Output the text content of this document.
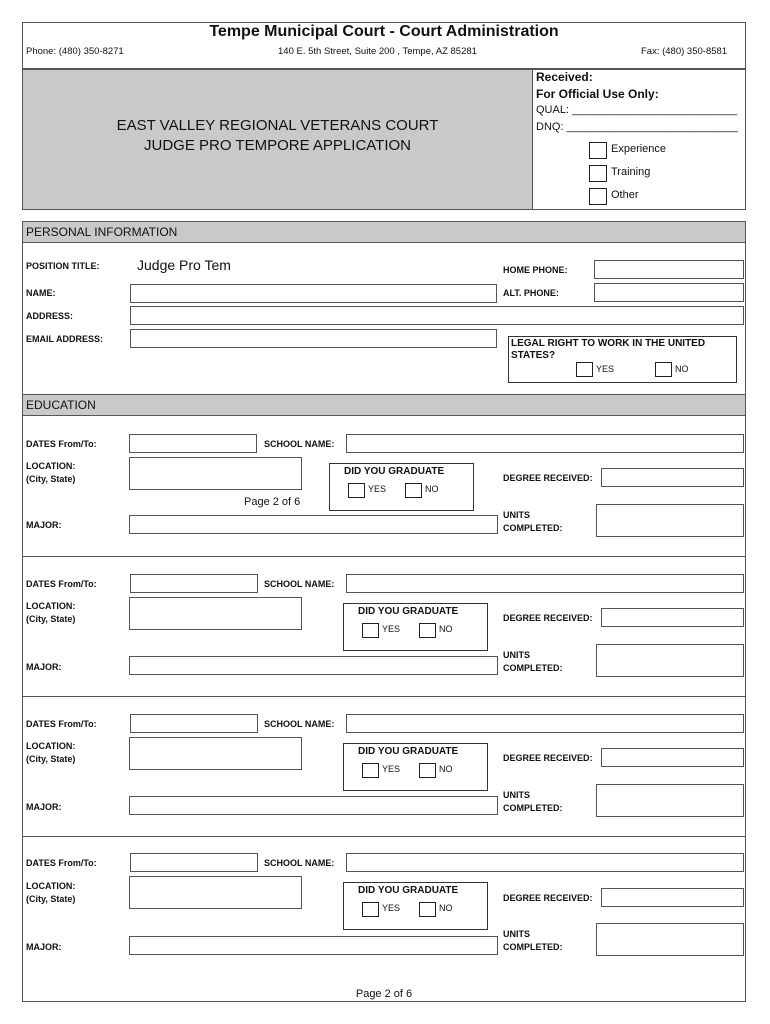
Tempe Municipal Court - Court Administration
Phone: (480) 350-8271	140 E. 5th Street, Suite 200 , Tempe, AZ 85281	Fax: (480) 350-8581
EAST VALLEY REGIONAL VETERANS COURT
JUDGE PRO TEMPORE APPLICATION
Received:
For Official Use Only:
QUAL: ___________________________
DNQ: ____________________________
Experience
Training
Other
PERSONAL INFORMATION
POSITION TITLE:	Judge Pro Tem
NAME:
ADDRESS:
EMAIL ADDRESS:
HOME PHONE:
ALT. PHONE:
LEGAL RIGHT TO WORK IN THE UNITED STATES?
YES	NO
EDUCATION
DATES From/To:	SCHOOL NAME:
LOCATION:
(City, State)
DID YOU GRADUATE
YES	NO
DEGREE RECEIVED:
Page 2 of 6
MAJOR:
UNITS
COMPLETED:
DATES From/To:	SCHOOL NAME:
LOCATION:
(City, State)
DID YOU GRADUATE
YES	NO
DEGREE RECEIVED:
MAJOR:
UNITS
COMPLETED:
DATES From/To:	SCHOOL NAME:
LOCATION:
(City, State)
DID YOU GRADUATE
YES	NO
DEGREE RECEIVED:
MAJOR:
UNITS
COMPLETED:
DATES From/To:	SCHOOL NAME:
LOCATION:
(City, State)
DID YOU GRADUATE
YES	NO
DEGREE RECEIVED:
MAJOR:
UNITS
COMPLETED:
Page 2 of 6
